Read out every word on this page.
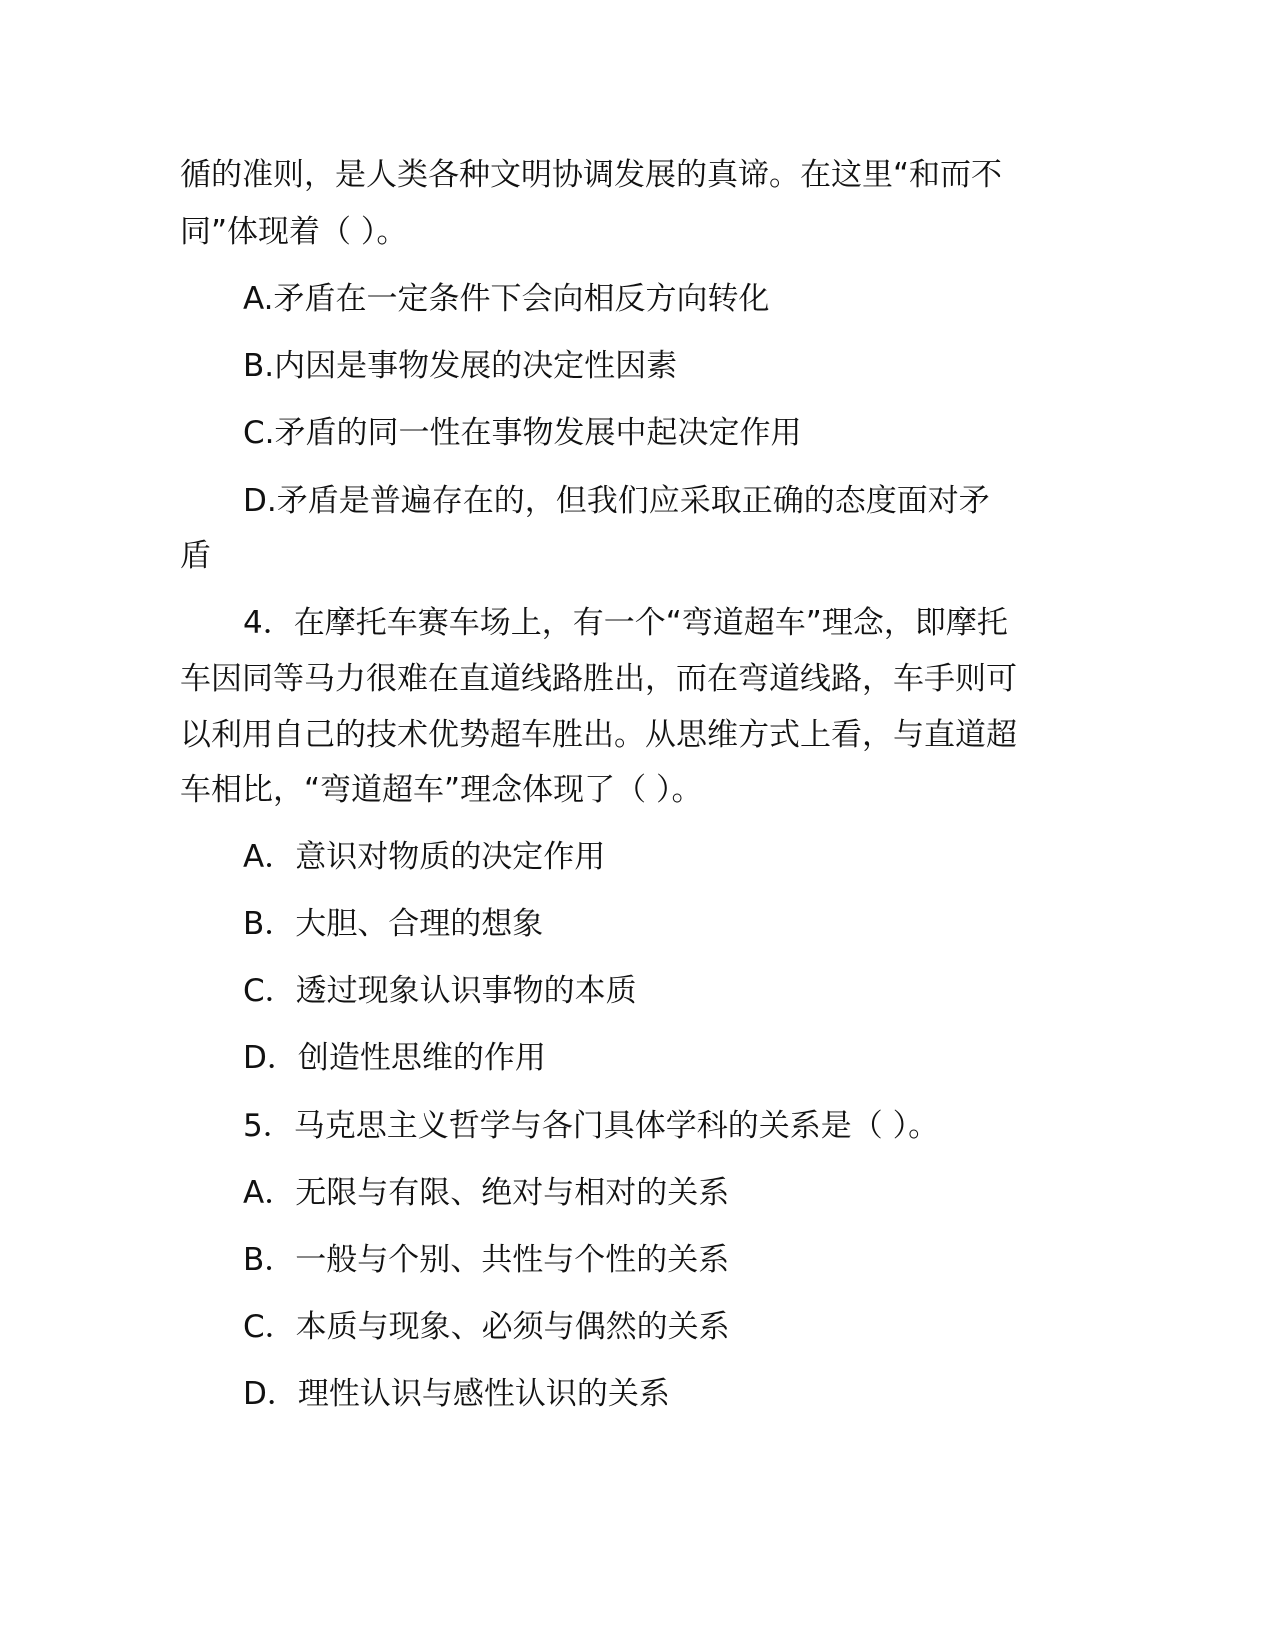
循的准则，是人类各种文明协调发展的真谛。在这里“和而不

同”体现着（ ）。

A.矛盾在一定条件下会向相反方向转化

B.内因是事物发展的决定性因素

C.矛盾的同一性在事物发展中起决定作用

D.矛盾是普遍存在的，但我们应采取正确的态度面对矛

盾

4．在摩托车赛车场上，有一个“弯道超车”理念，即摩托

车因同等马力很难在直道线路胜出，而在弯道线路，车手则可

以利用自己的技术优势超车胜出。从思维方式上看，与直道超

车相比，“弯道超车”理念体现了（ ）。

A．意识对物质的决定作用

B．大胆、合理的想象

C．透过现象认识事物的本质

D．创造性思维的作用

5．马克思主义哲学与各门具体学科的关系是（ ）。

A．无限与有限、绝对与相对的关系

B．一般与个别、共性与个性的关系

C．本质与现象、必须与偶然的关系

D．理性认识与感性认识的关系
